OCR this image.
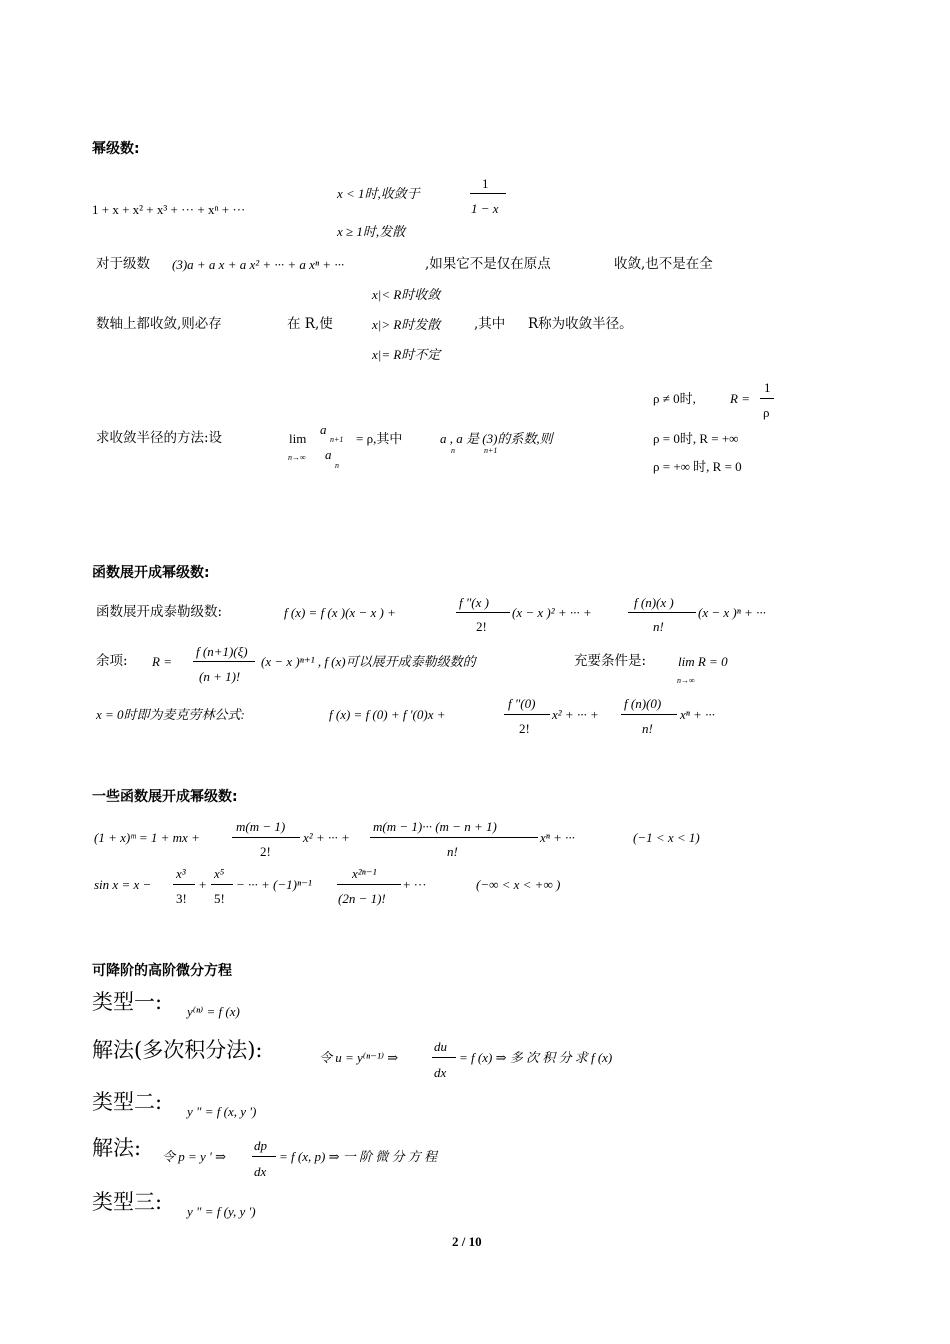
幂级数:
1 + x + x² + x³ + ··· + xⁿ + ···
x < 1时,收敛于
1
1 − x
x ≥ 1时,发散
对于级数 (3)a + a x + a x² + ··· + a xⁿ + ···	,如果它不是仅在原点	收敛,也不是在全
x|< R时收敛
数轴上都收敛,则必存	在 R,使	x|> R时发散 ,其中 R称为收敛半径。
x|= R时不定
求收敛半径的方法:设	lim
n→∞
a
n+1
a
n
= ρ,其中	a , a 是 (3)的系数,则
n	n+1
ρ ≠ 0时,	R =
1
ρ
ρ = 0时, R = +∞
ρ = +∞ 时, R = 0
函数展开成幂级数:
函数展开成泰勒级数:	f (x) = f (x )(x − x ) +
f ″(x )
2!
(x − x )² + ··· +
f (n)(x )
n!
(x − x )ⁿ + ···
余项: R =
f (n+1)(ξ)
(n + 1)!
(x − x )ⁿ⁺¹ , f (x)可以展开成泰勒级数的	充要条件是: lim R = 0
n→∞
x = 0时即为麦克劳林公式:	f (x) = f (0) + f ′(0)x +
f ″(0)
2!
x² + ··· +
f (n)(0)
n!
xⁿ + ···
一些函数展开成幂级数:
(1 + x)ᵐ = 1 + mx +
m(m − 1)
2!
x² + ··· +
m(m − 1)··· (m − n + 1)
n!
xⁿ + ···	(−1 < x < 1)
sin x = x −
x³
3!
+
x⁵
5!
− ··· + (−1)ⁿ⁻¹
x²ⁿ⁻¹
(2n − 1)!
+ ···	(−∞ < x < +∞ )
可降阶的高阶微分方程
类型一: y⁽ⁿ⁾ = f (x)
解法(多次积分法):	令 u = y⁽ⁿ⁻¹⁾ ⇒
du
dx
= f (x) ⇒ 多 次 积 分 求 f (x)
类型二: y " = f (x, y ')
解法: 令 p = y ' ⇒
dp
dx
= f (x, p) ⇒ 一 阶 微 分 方 程
类型三: y " = f (y, y ')
2 / 10
